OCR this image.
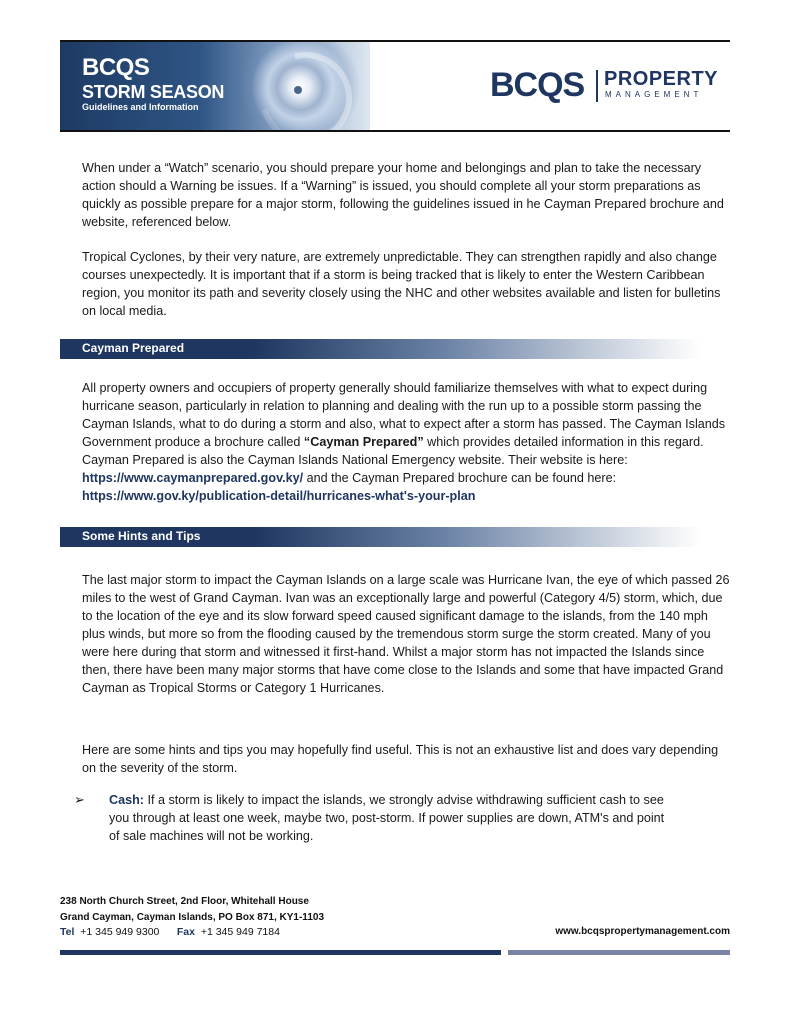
BCQS
STORM SEASON
Guidelines and Information
BCQS PROPERTY
MANAGEMENT

When under a “Watch” scenario, you should prepare your home and belongings and plan to take the necessary action should a Warning be issues. If a “Warning” is issued, you should complete all your storm preparations as quickly as possible prepare for a major storm, following the guidelines issued in he Cayman Prepared brochure and website, referenced below.

Tropical Cyclones, by their very nature, are extremely unpredictable. They can strengthen rapidly and also change courses unexpectedly. It is important that if a storm is being tracked that is likely to enter the Western Caribbean region, you monitor its path and severity closely using the NHC and other websites available and listen for bulletins on local media.

Cayman Prepared

All property owners and occupiers of property generally should familiarize themselves with what to expect during hurricane season, particularly in relation to planning and dealing with the run up to a possible storm passing the Cayman Islands, what to do during a storm and also, what to expect after a storm has passed. The Cayman Islands Government produce a brochure called “Cayman Prepared” which provides detailed information in this regard. Cayman Prepared is also the Cayman Islands National Emergency website. Their website is here: https://www.caymanprepared.gov.ky/ and the Cayman Prepared brochure can be found here: https://www.gov.ky/publication-detail/hurricanes-what's-your-plan

Some Hints and Tips

The last major storm to impact the Cayman Islands on a large scale was Hurricane Ivan, the eye of which passed 26 miles to the west of Grand Cayman. Ivan was an exceptionally large and powerful (Category 4/5) storm, which, due to the location of the eye and its slow forward speed caused significant damage to the islands, from the 140 mph plus winds, but more so from the flooding caused by the tremendous storm surge the storm created. Many of you were here during that storm and witnessed it first-hand. Whilst a major storm has not impacted the Islands since then, there have been many major storms that have come close to the Islands and some that have impacted Grand Cayman as Tropical Storms or Category 1 Hurricanes.

Here are some hints and tips you may hopefully find useful. This is not an exhaustive list and does vary depending on the severity of the storm.

➢ Cash: If a storm is likely to impact the islands, we strongly advise withdrawing sufficient cash to see you through at least one week, maybe two, post-storm. If power supplies are down, ATM's and point of sale machines will not be working.

238 North Church Street, 2nd Floor, Whitehall House
Grand Cayman, Cayman Islands, PO Box 871, KY1-1103
Tel +1 345 949 9300 Fax +1 345 949 7184	www.bcqspropertymanagement.com
